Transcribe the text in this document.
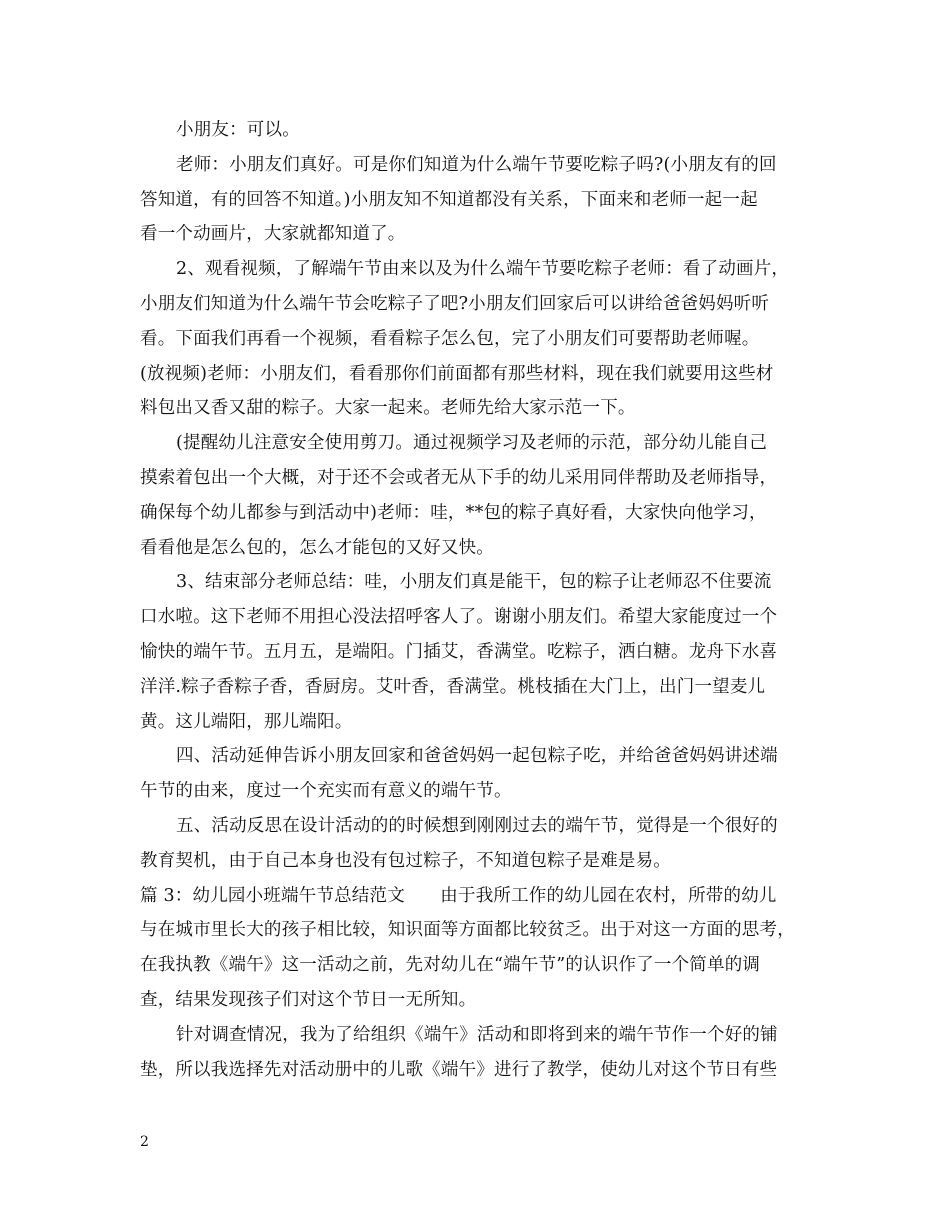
小朋友：可以。
老师：小朋友们真好。可是你们知道为什么端午节要吃粽子吗?(小朋友有的回
答知道，有的回答不知道。)小朋友知不知道都没有关系，下面来和老师一起一起
看一个动画片，大家就都知道了。
2、观看视频，了解端午节由来以及为什么端午节要吃粽子老师：看了动画片，
小朋友们知道为什么端午节会吃粽子了吧?小朋友们回家后可以讲给爸爸妈妈听听
看。下面我们再看一个视频，看看粽子怎么包，完了小朋友们可要帮助老师喔。
(放视频)老师：小朋友们，看看那你们前面都有那些材料，现在我们就要用这些材
料包出又香又甜的粽子。大家一起来。老师先给大家示范一下。
(提醒幼儿注意安全使用剪刀。通过视频学习及老师的示范，部分幼儿能自己
摸索着包出一个大概，对于还不会或者无从下手的幼儿采用同伴帮助及老师指导，
确保每个幼儿都参与到活动中)老师：哇，**包的粽子真好看，大家快向他学习，
看看他是怎么包的，怎么才能包的又好又快。
3、结束部分老师总结：哇，小朋友们真是能干，包的粽子让老师忍不住要流
口水啦。这下老师不用担心没法招呼客人了。谢谢小朋友们。希望大家能度过一个
愉快的端午节。五月五，是端阳。门插艾，香满堂。吃粽子，洒白糖。龙舟下水喜
洋洋.粽子香粽子香，香厨房。艾叶香，香满堂。桃枝插在大门上，出门一望麦儿
黄。这儿端阳，那儿端阳。
四、活动延伸告诉小朋友回家和爸爸妈妈一起包粽子吃，并给爸爸妈妈讲述端
午节的由来，度过一个充实而有意义的端午节。
五、活动反思在设计活动的的时候想到刚刚过去的端午节，觉得是一个很好的
教育契机，由于自己本身也没有包过粽子，不知道包粽子是难是易。
篇 3：幼儿园小班端午节总结范文　　由于我所工作的幼儿园在农村，所带的幼儿
与在城市里长大的孩子相比较，知识面等方面都比较贫乏。出于对这一方面的思考，
在我执教《端午》这一活动之前，先对幼儿在“端午节”的认识作了一个简单的调
查，结果发现孩子们对这个节日一无所知。
针对调查情况，我为了给组织《端午》活动和即将到来的端午节作一个好的铺
垫，所以我选择先对活动册中的儿歌《端午》进行了教学，使幼儿对这个节日有些
2
